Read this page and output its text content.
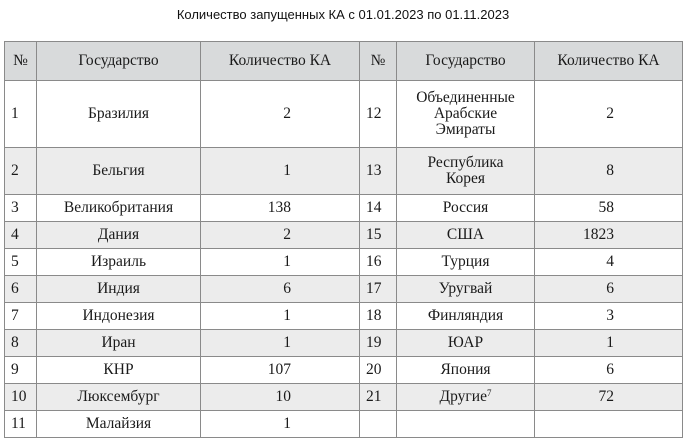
Количество запущенных КА с 01.01.2023 по 01.11.2023
№	Государство	Количество КА	№	Государство	Количество КА
1	Бразилия	2	12	Объединенные Арабские Эмираты	2
2	Бельгия	1	13	Республика Корея	8
3	Великобритания	138	14	Россия	58
4	Дания	2	15	США	1823
5	Израиль	1	16	Турция	4
6	Индия	6	17	Уругвай	6
7	Индонезия	1	18	Финляндия	3
8	Иран	1	19	ЮАР	1
9	КНР	107	20	Япония	6
10	Люксембург	10	21	Другие$^7$	72
11	Малайзия	1			
